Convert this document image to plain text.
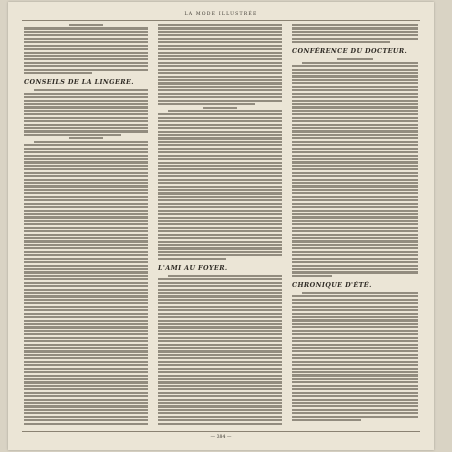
LA MODE ILLUSTRÉE
CONSEILS DE LA LINGERE.
L'AMI AU FOYER.
CONFÉRENCE DU DOCTEUR.
CHRONIQUE D'ÉTÉ.
— 384 —
